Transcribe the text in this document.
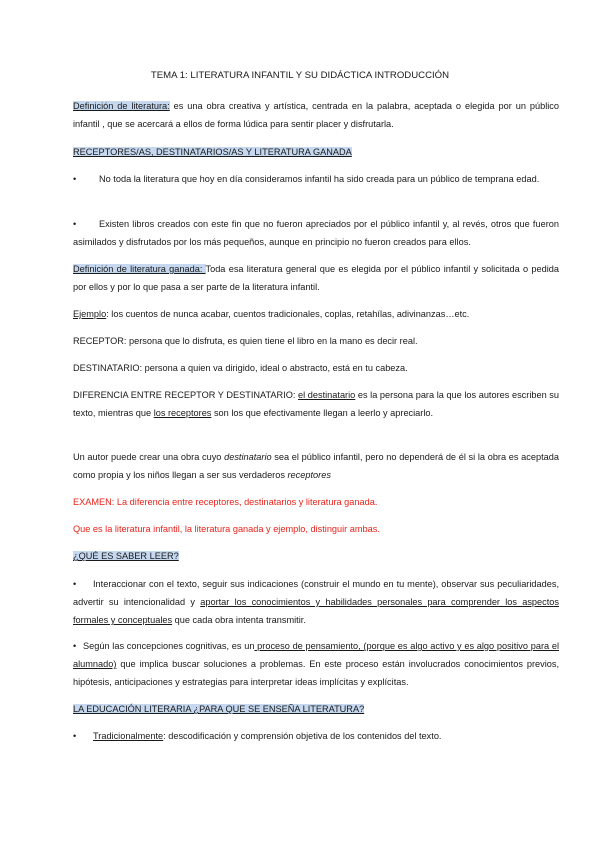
TEMA 1: LITERATURA INFANTIL Y SU DIDÁCTICA INTRODUCCIÓN
Definición de literatura: es una obra creativa y artística, centrada en la palabra, aceptada o elegida por un público infantil , que se acercará a ellos de forma lúdica para sentir placer y disfrutarla.
RECEPTORES/AS, DESTINATARIOS/AS Y LITERATURA GANADA
• No toda la literatura que hoy en día consideramos infantil ha sido creada para un público de temprana edad.
• Existen libros creados con este fin que no fueron apreciados por el público infantil y, al revés, otros que fueron asimilados y disfrutados por los más pequeños, aunque en principio no fueron creados para ellos.
Definición de literatura ganada: Toda esa literatura general que es elegida por el público infantil y solicitada o pedida por ellos y por lo que pasa a ser parte de la literatura infantil.
Ejemplo: los cuentos de nunca acabar, cuentos tradicionales, coplas, retahílas, adivinanzas…etc.
RECEPTOR: persona que lo disfruta, es quien tiene el libro en la mano es decir real.
DESTINATARIO: persona a quien va dirigido, ideal o abstracto, está en tu cabeza.
DIFERENCIA ENTRE RECEPTOR Y DESTINATARIO: el destinatario es la persona para la que los autores escriben su texto, mientras que los receptores son los que efectivamente llegan a leerlo y apreciarlo.
Un autor puede crear una obra cuyo destinatario sea el público infantil, pero no dependerá de él si la obra es aceptada como propia y los niños llegan a ser sus verdaderos receptores
EXAMEN: La diferencia entre receptores, destinatarios y literatura ganada.
Que es la literatura infantil, la literatura ganada y ejemplo, distinguir ambas.
¿QUÉ ES SABER LEER?
• Interaccionar con el texto, seguir sus indicaciones (construir el mundo en tu mente), observar sus peculiaridades, advertir su intencionalidad y aportar los conocimientos y habilidades personales para comprender los aspectos formales y conceptuales que cada obra intenta transmitir.
• Según las concepciones cognitivas, es un proceso de pensamiento, (porque es algo activo y es algo positivo para el alumnado) que implica buscar soluciones a problemas. En este proceso están involucrados conocimientos previos, hipótesis, anticipaciones y estrategias para interpretar ideas implícitas y explícitas.
LA EDUCACIÓN LITERARIA ¿PARA QUE SE ENSEÑA LITERATURA?
• Tradicionalmente: descodificación y comprensión objetiva de los contenidos del texto.
